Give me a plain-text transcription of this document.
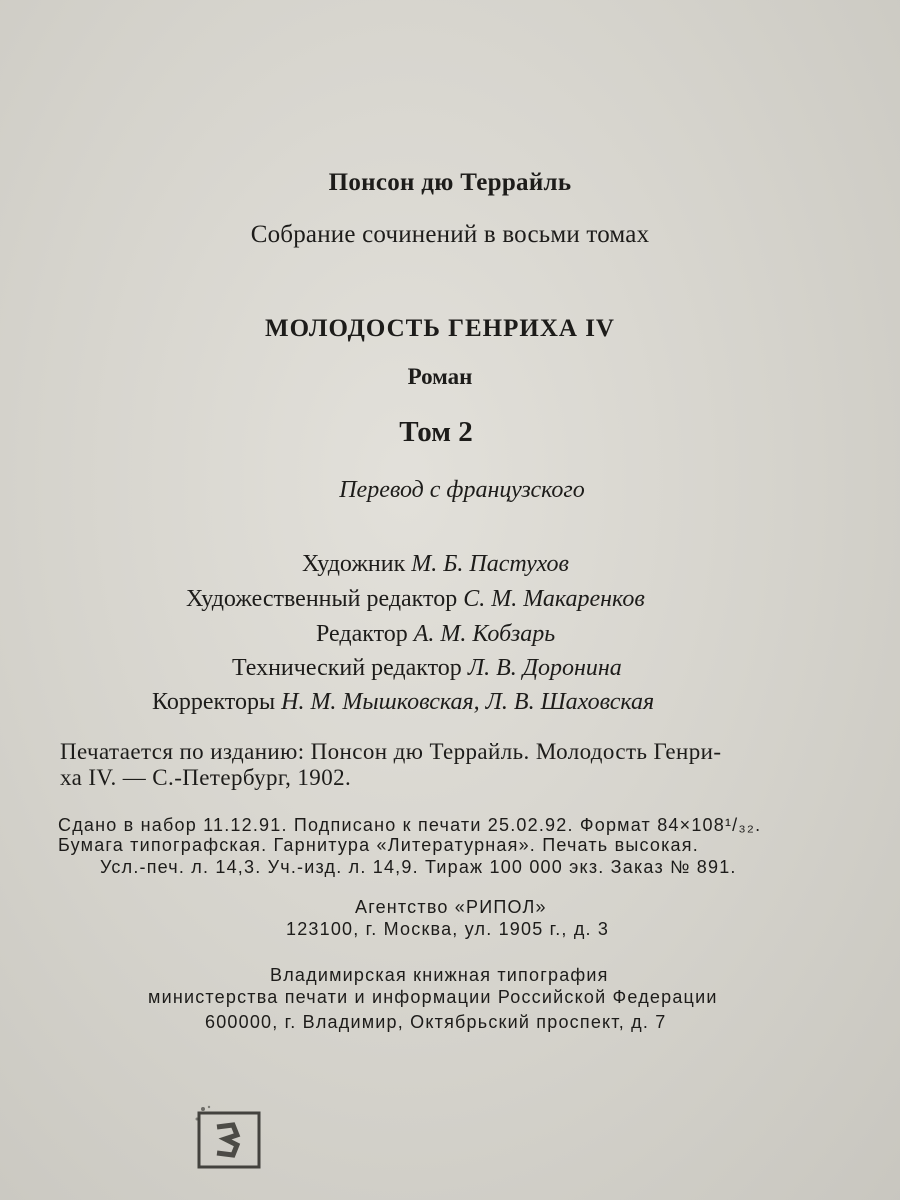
Понсон дю Террайль
Собрание сочинений в восьми томах
МОЛОДОСТЬ ГЕНРИХА IV
Роман
Том 2
Перевод с французского
Художник М. Б. Пастухов
Художественный редактор С. М. Макаренков
Редактор А. М. Кобзарь
Технический редактор Л. В. Доронина
Корректоры Н. М. Мышковская, Л. В. Шаховская
Печатается по изданию: Понсон дю Террайль. Молодость Генри-
ха IV. — С.-Петербург, 1902.
Сдано в набор 11.12.91. Подписано к печати 25.02.92. Формат 84×108¹/₃₂.
Бумага типографская. Гарнитура «Литературная». Печать высокая.
Усл.-печ. л. 14,3. Уч.-изд. л. 14,9. Тираж 100 000 экз. Заказ № 891.
Агентство «РИПОЛ»
123100, г. Москва, ул. 1905 г., д. 3
Владимирская книжная типография
министерства печати и информации Российской Федерации
600000, г. Владимир, Октябрьский проспект, д. 7
